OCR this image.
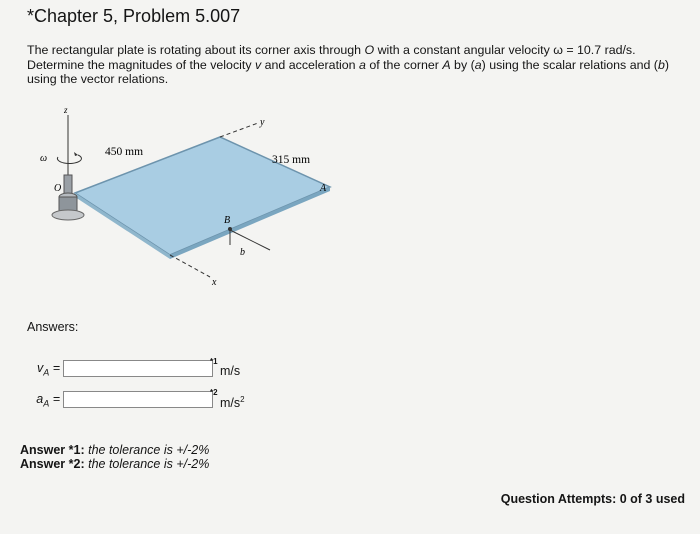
*Chapter 5, Problem 5.007
The rectangular plate is rotating about its corner axis through O with a constant angular velocity ω = 10.7 rad/s. Determine the magnitudes of the velocity v and acceleration a of the corner A by (a) using the scalar relations and (b) using the vector relations.
z
ω
O
y
x
A
B
b
450 mm
315 mm
Answers:
$v_A$ =	*1
m/s
$a_A$ =	*2
$m/s^2$
Answer *1: the tolerance is +/-2%
Answer *2: the tolerance is +/-2%
Question Attempts: 0 of 3 used
